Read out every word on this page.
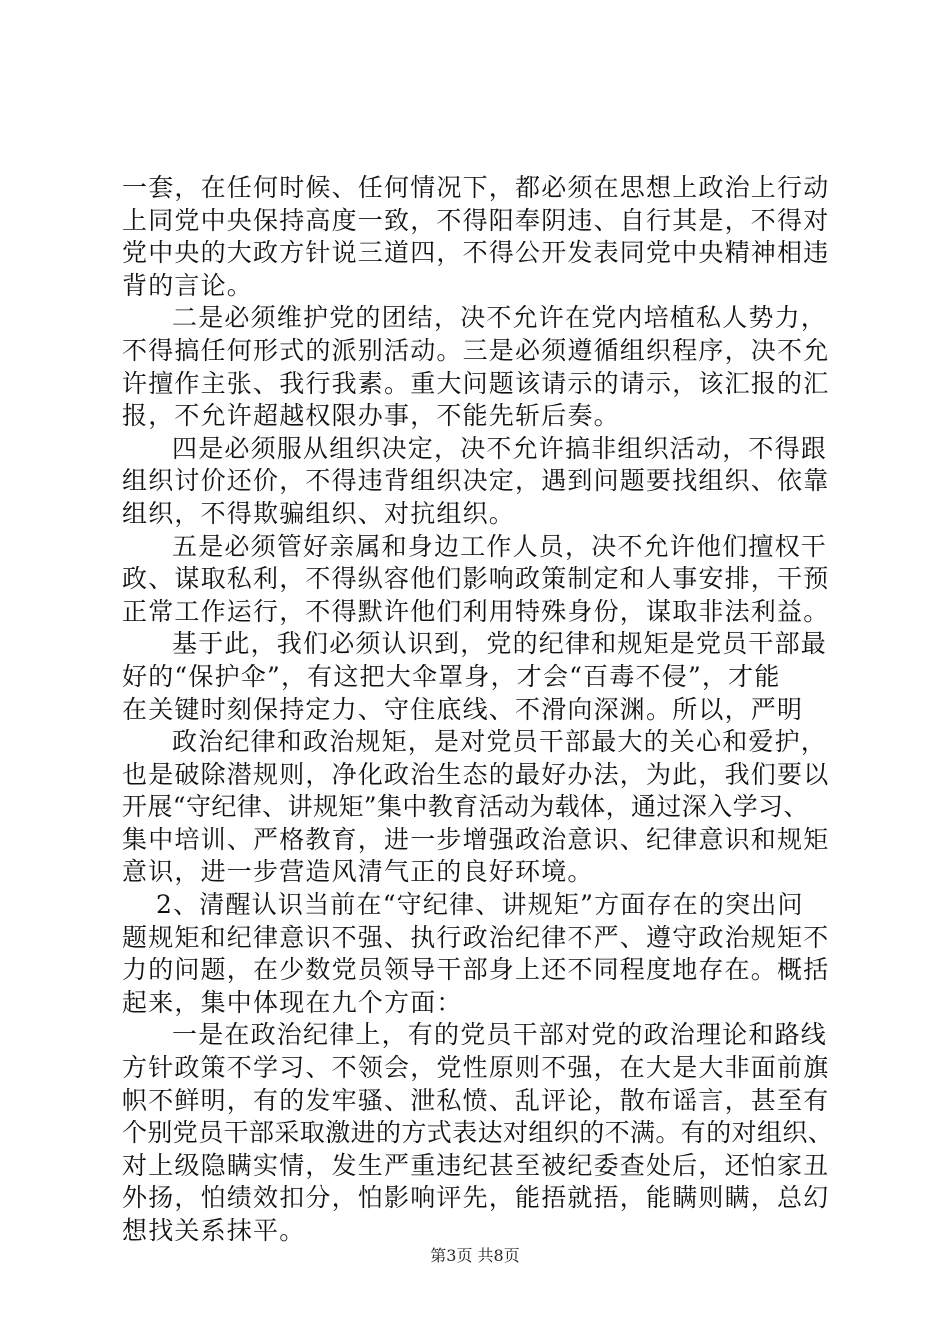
一套，在任何时候、任何情况下，都必须在思想上政治上行动
上同党中央保持高度一致，不得阳奉阴违、自行其是，不得对
党中央的大政方针说三道四，不得公开发表同党中央精神相违
背的言论。
二是必须维护党的团结，决不允许在党内培植私人势力，
不得搞任何形式的派别活动。三是必须遵循组织程序，决不允
许擅作主张、我行我素。重大问题该请示的请示，该汇报的汇
报，不允许超越权限办事，不能先斩后奏。
四是必须服从组织决定，决不允许搞非组织活动，不得跟
组织讨价还价，不得违背组织决定，遇到问题要找组织、依靠
组织，不得欺骗组织、对抗组织。
五是必须管好亲属和身边工作人员，决不允许他们擅权干
政、谋取私利，不得纵容他们影响政策制定和人事安排，干预
正常工作运行，不得默许他们利用特殊身份，谋取非法利益。
基于此，我们必须认识到，党的纪律和规矩是党员干部最
好的“保护伞”，有这把大伞罩身，才会“百毒不侵”，才能
在关键时刻保持定力、守住底线、不滑向深渊。所以，严明
政治纪律和政治规矩，是对党员干部最大的关心和爱护，
也是破除潜规则，净化政治生态的最好办法，为此，我们要以
开展“守纪律、讲规矩”集中教育活动为载体，通过深入学习、
集中培训、严格教育，进一步增强政治意识、纪律意识和规矩
意识，进一步营造风清气正的良好环境。
2、清醒认识当前在“守纪律、讲规矩”方面存在的突出问
题规矩和纪律意识不强、执行政治纪律不严、遵守政治规矩不
力的问题，在少数党员领导干部身上还不同程度地存在。概括
起来，集中体现在九个方面：
一是在政治纪律上，有的党员干部对党的政治理论和路线
方针政策不学习、不领会，党性原则不强，在大是大非面前旗
帜不鲜明，有的发牢骚、泄私愤、乱评论，散布谣言，甚至有
个别党员干部采取激进的方式表达对组织的不满。有的对组织、
对上级隐瞒实情，发生严重违纪甚至被纪委查处后，还怕家丑
外扬，怕绩效扣分，怕影响评先，能捂就捂，能瞒则瞒，总幻
想找关系抹平。
第3页 共8页
